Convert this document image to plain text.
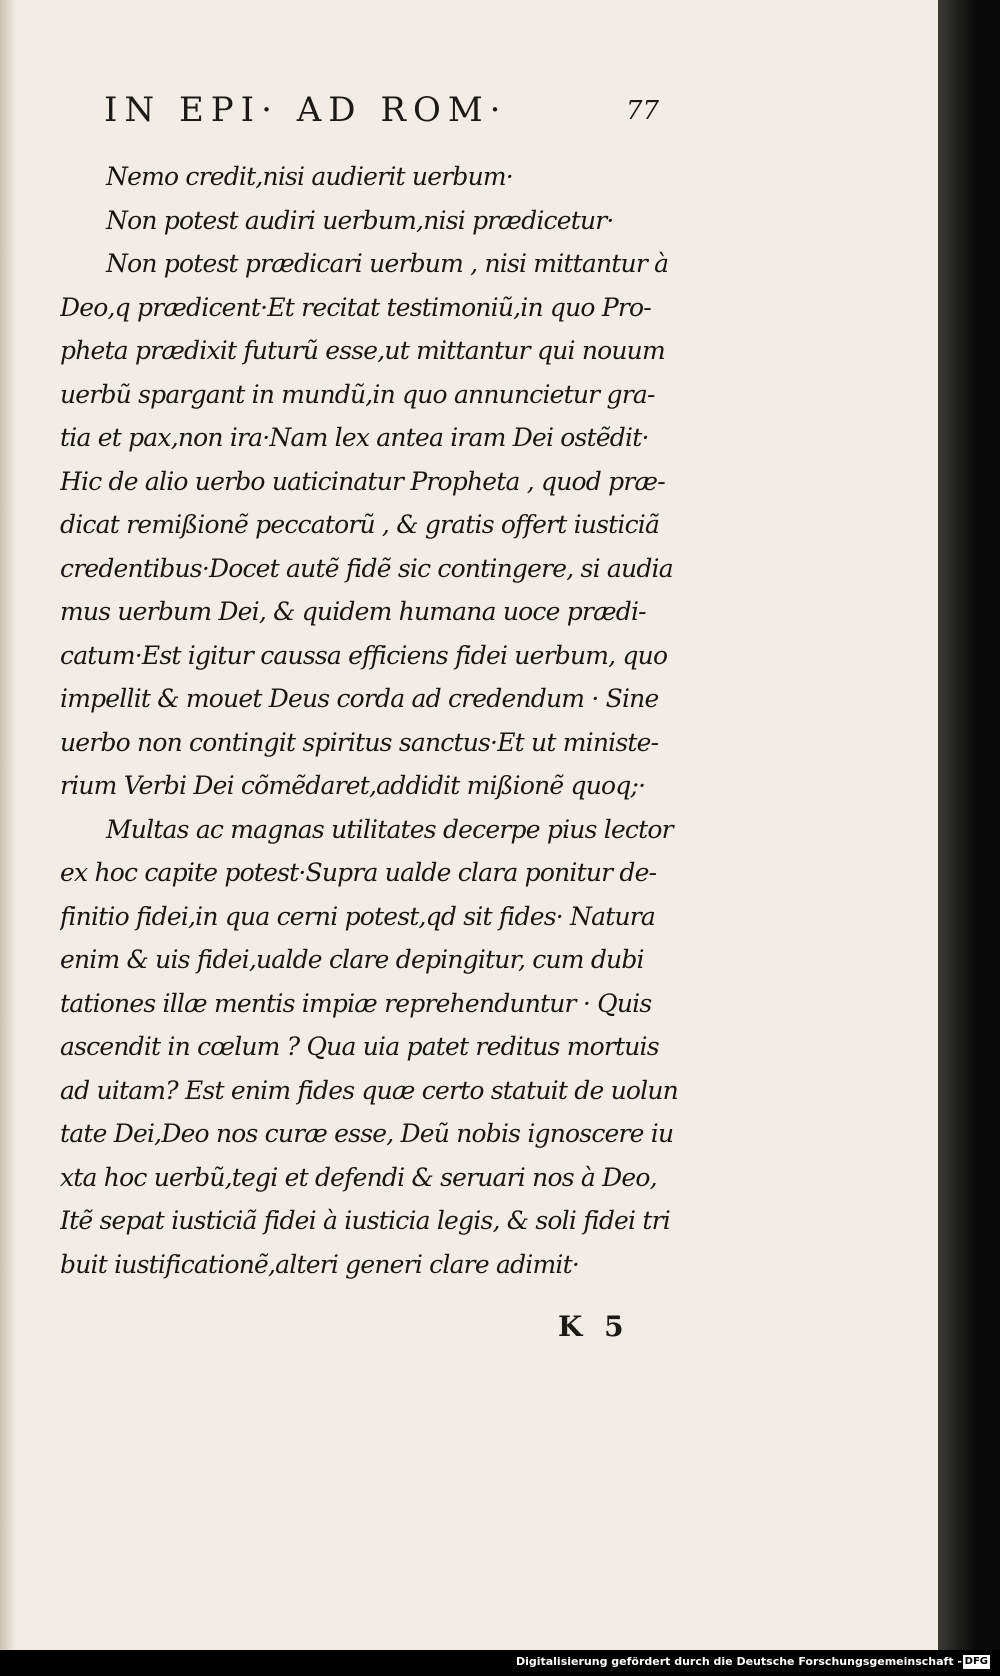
IN EPI· AD ROM·	77
Nemo credit,nisi audierit uerbum·
Non potest audiri uerbum,nisi prædicetur·
Non potest prædicari uerbum , nisi mittantur à
Deo,q prædicent·Et recitat testimoniũ,in quo Pro‐
pheta prædixit futurũ esse,ut mittantur qui nouum
uerbũ spargant in mundũ,in quo annuncietur gra‐
tia et pax,non ira·Nam lex antea iram Dei ostẽdit·
Hic de alio uerbo uaticinatur Propheta , quod præ‐
dicat remißionẽ peccatorũ , & gratis offert iusticiã
credentibus·Docet autẽ fidẽ sic contingere, si audia
mus uerbum Dei, & quidem humana uoce prædi‐
catum·Est igitur caussa efficiens fidei uerbum, quo
impellit & mouet Deus corda ad credendum · Sine
uerbo non contingit spiritus sanctus·Et ut ministe‐
rium Verbi Dei cõmẽdaret,addidit mißionẽ quoq;·
Multas ac magnas utilitates decerpe pius lector
ex hoc capite potest·Supra ualde clara ponitur de‐
finitio fidei,in qua cerni potest,qd sit fides· Natura
enim & uis fidei,ualde clare depingitur, cum dubi
tationes illæ mentis impiæ reprehenduntur · Quis
ascendit in cœlum ? Qua uia patet reditus mortuis
ad uitam? Est enim fides quæ certo statuit de uolun
tate Dei,Deo nos curæ esse, Deũ nobis ignoscere iu
xta hoc uerbũ,tegi et defendi & seruari nos à Deo,
Itẽ sepat iusticiã fidei à iusticia legis, & soli fidei tri
buit iustificationẽ,alteri generi clare adimit·
K 5
Digitalisierung gefördert durch die Deutsche Forschungsgemeinschaft - DFG
